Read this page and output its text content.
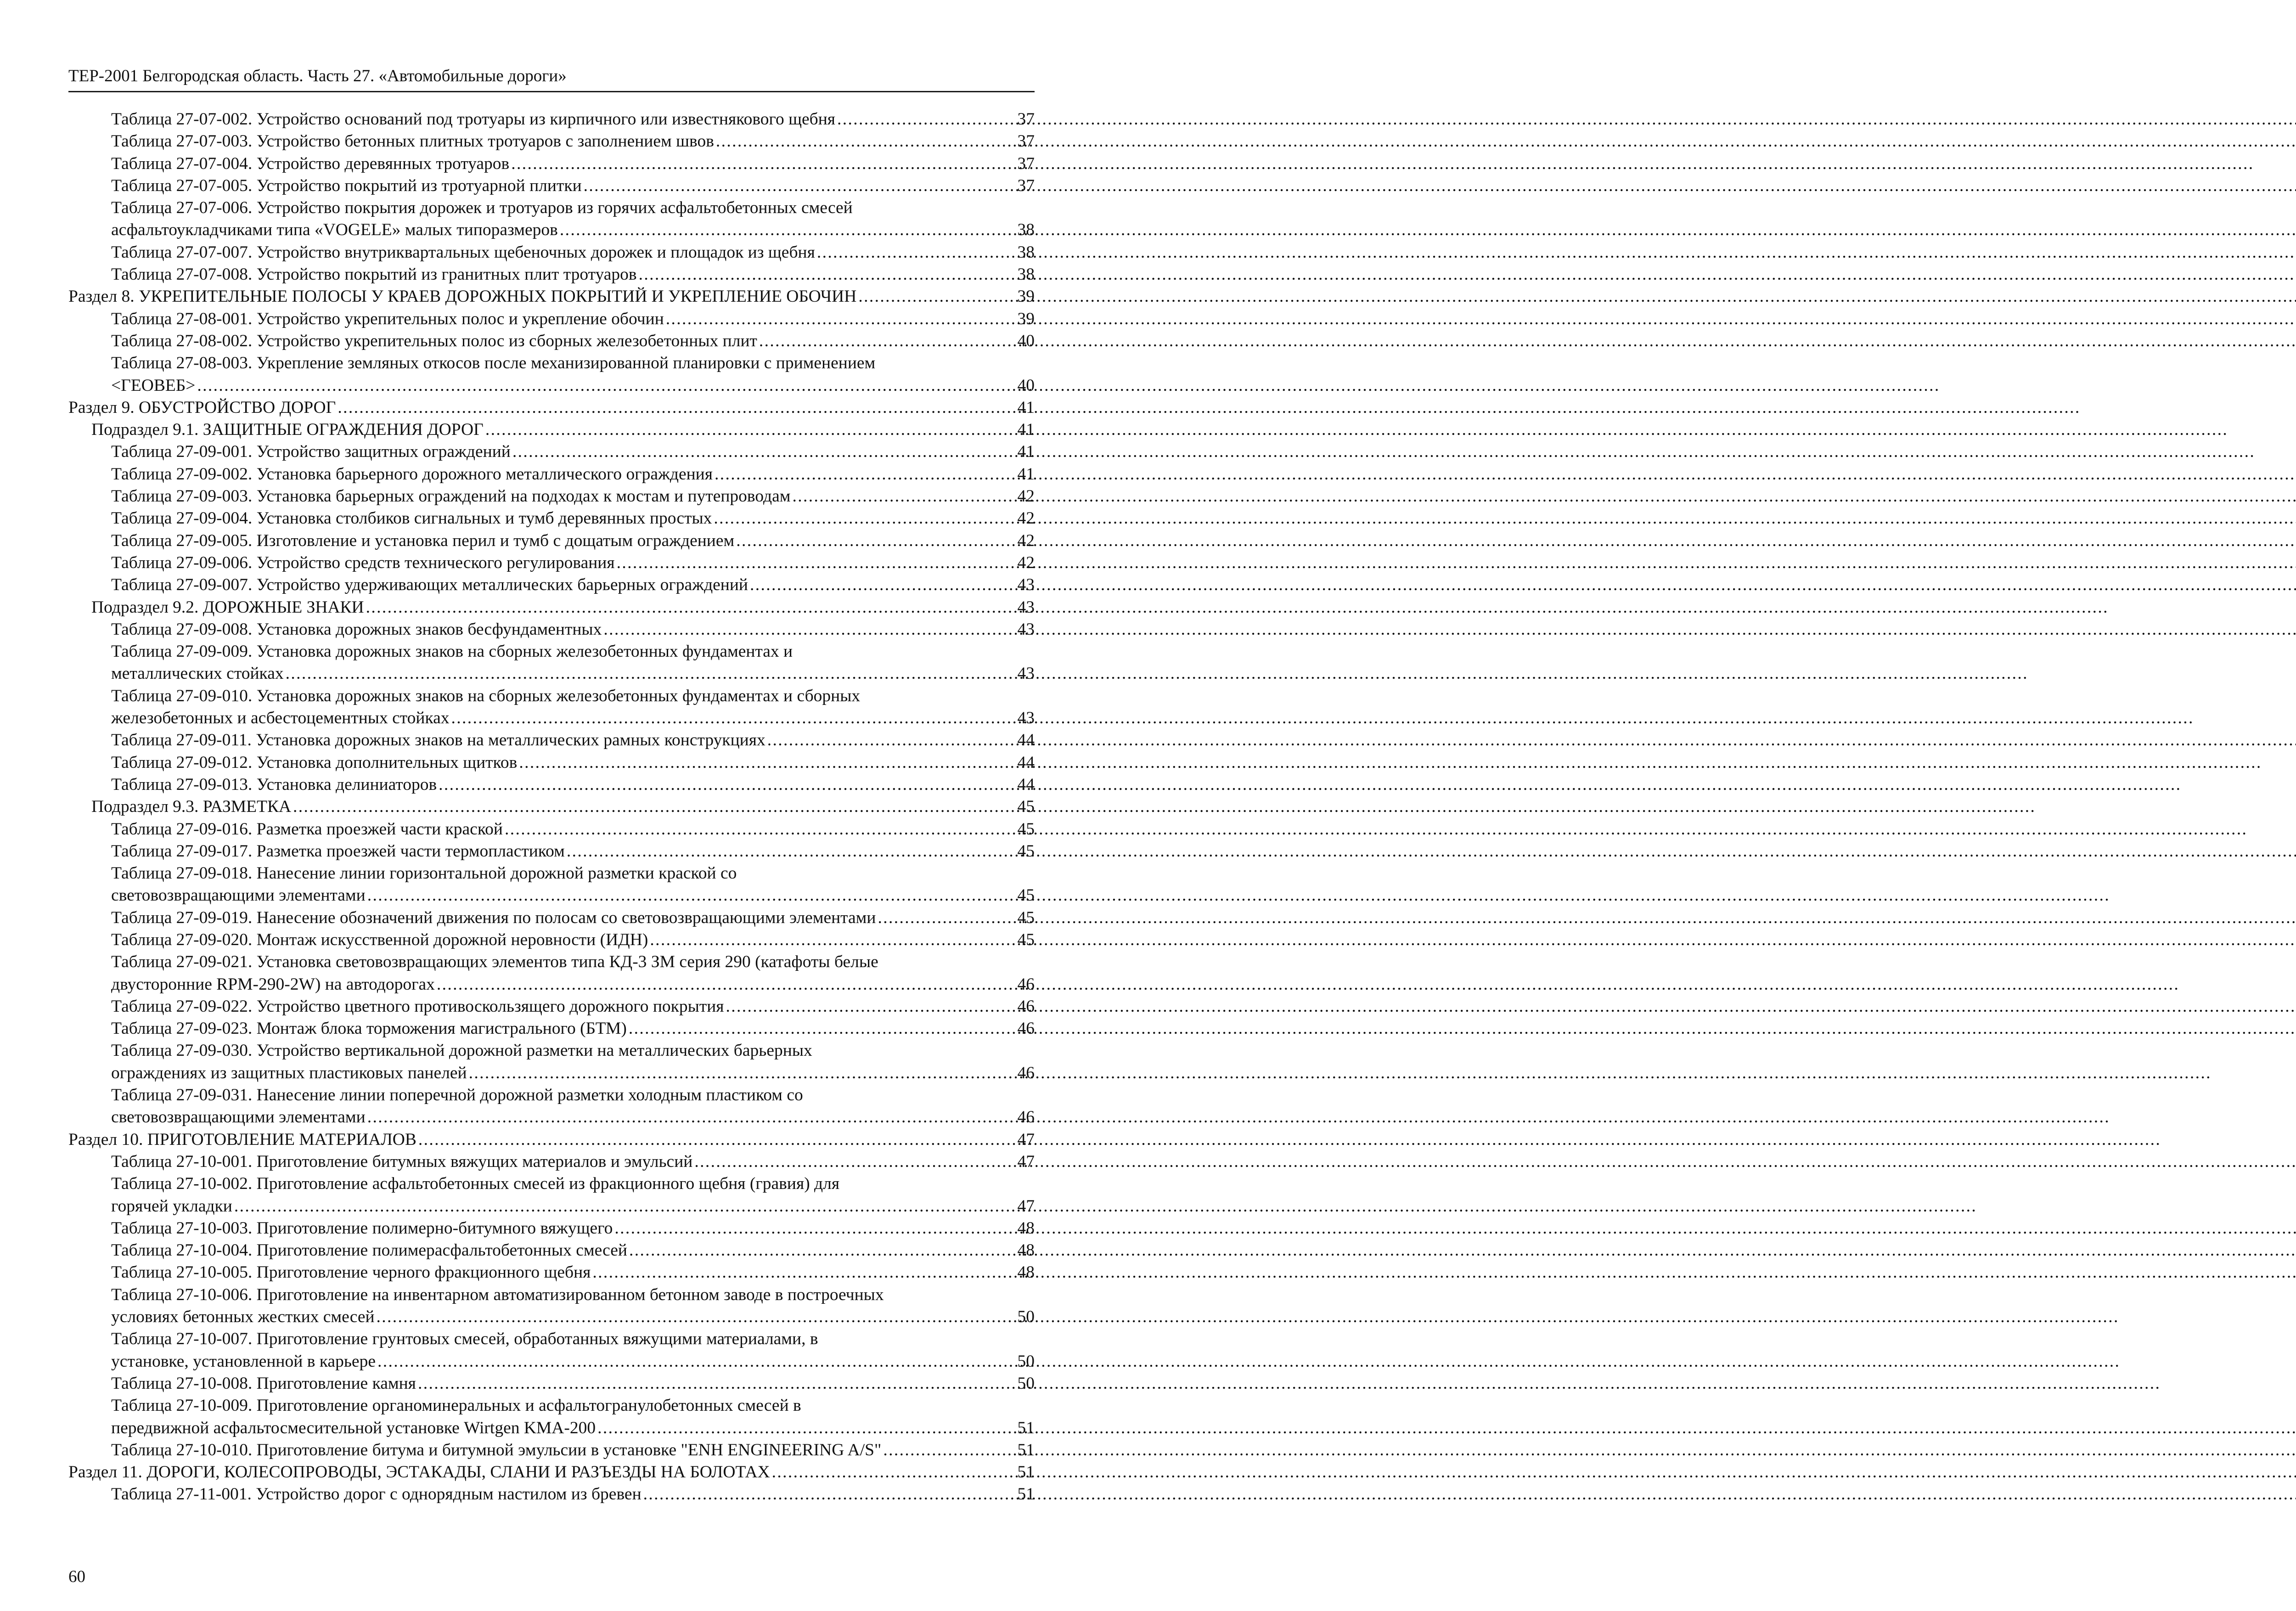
ТЕР-2001 Белгородская область. Часть 27. «Автомобильные дороги»
Таблица 27-07-002. Устройство оснований под тротуары из кирпичного или известнякового щебня . . .	37
Таблица 27-07-003. Устройство бетонных плитных тротуаров с заполнением швов . . .	37
Таблица 27-07-004. Устройство деревянных тротуаров . . .	37
Таблица 27-07-005. Устройство покрытий из тротуарной плитки . . .	37
Таблица 27-07-006. Устройство покрытия дорожек и тротуаров из горячих асфальтобетонных смесей
асфальтоукладчиками типа «VOGELE» малых типоразмеров . . .	38
Таблица 27-07-007. Устройство внутриквартальных щебеночных дорожек и площадок из щебня . . .	38
Таблица 27-07-008. Устройство покрытий из гранитных плит тротуаров . . .	38
Раздел 8. УКРЕПИТЕЛЬНЫЕ ПОЛОСЫ У КРАЕВ ДОРОЖНЫХ ПОКРЫТИЙ И УКРЕПЛЕНИЕ ОБОЧИН . . .	39
Таблица 27-08-001. Устройство укрепительных полос и укрепление обочин . . .	39
Таблица 27-08-002. Устройство укрепительных полос из сборных железобетонных плит . . .	40
Таблица 27-08-003. Укрепление земляных откосов после механизированной планировки с применением
<ГЕОВЕБ> . . .	40
Раздел 9. ОБУСТРОЙСТВО ДОРОГ . . .	41
Подраздел 9.1. ЗАЩИТНЫЕ ОГРАЖДЕНИЯ ДОРОГ . . .	41
Таблица 27-09-001. Устройство защитных ограждений . . .	41
Таблица 27-09-002. Установка барьерного дорожного металлического ограждения . . .	41
Таблица 27-09-003. Установка барьерных ограждений на подходах к мостам и путепроводам . . .	42
Таблица 27-09-004. Установка столбиков сигнальных и тумб деревянных простых . . .	42
Таблица 27-09-005. Изготовление и установка перил и тумб с дощатым ограждением . . .	42
Таблица 27-09-006. Устройство средств технического регулирования . . .	42
Таблица 27-09-007. Устройство удерживающих металлических барьерных ограждений . . .	43
Подраздел 9.2. ДОРОЖНЫЕ ЗНАКИ . . .	43
Таблица 27-09-008. Установка дорожных знаков бесфундаментных . . .	43
Таблица 27-09-009. Установка дорожных знаков на сборных железобетонных фундаментах и
металлических стойках . . .	43
Таблица 27-09-010. Установка дорожных знаков на сборных железобетонных фундаментах и сборных
железобетонных и асбестоцементных стойках . . .	43
Таблица 27-09-011. Установка дорожных знаков на металлических рамных конструкциях . . .	44
Таблица 27-09-012. Установка дополнительных щитков . . .	44
Таблица 27-09-013. Установка делиниаторов . . .	44
Подраздел 9.3. РАЗМЕТКА . . .	45
Таблица 27-09-016. Разметка проезжей части краской . . .	45
Таблица 27-09-017. Разметка проезжей части термопластиком . . .	45
Таблица 27-09-018. Нанесение линии горизонтальной дорожной разметки краской со
световозвращающими элементами . . .	45
Таблица 27-09-019. Нанесение обозначений движения по полосам со световозвращающими элементами . . .	45
Таблица 27-09-020. Монтаж искусственной дорожной неровности (ИДН) . . .	45
Таблица 27-09-021. Установка световозвращающих элементов типа КД-3 ЗМ серия 290 (катафоты белые
двусторонние RPM-290-2W) на автодорогах . . .	46
Таблица 27-09-022. Устройство цветного противоскользящего дорожного покрытия . . .	46
Таблица 27-09-023. Монтаж блока торможения магистрального (БТМ) . . .	46
Таблица 27-09-030. Устройство вертикальной дорожной разметки на металлических барьерных
ограждениях из защитных пластиковых панелей . . .	46
Таблица 27-09-031. Нанесение линии поперечной дорожной разметки холодным пластиком со
световозвращающими элементами . . .	46
Раздел 10. ПРИГОТОВЛЕНИЕ МАТЕРИАЛОВ . . .	47
Таблица 27-10-001. Приготовление битумных вяжущих материалов и эмульсий . . .	47
Таблица 27-10-002. Приготовление асфальтобетонных смесей из фракционного щебня (гравия) для
горячей укладки . . .	47
Таблица 27-10-003. Приготовление полимерно-битумного вяжущего . . .	48
Таблица 27-10-004. Приготовление полимерасфальтобетонных смесей . . .	48
Таблица 27-10-005. Приготовление черного фракционного щебня . . .	48
Таблица 27-10-006. Приготовление на инвентарном автоматизированном бетонном заводе в построечных
условиях бетонных жестких смесей . . .	50
Таблица 27-10-007. Приготовление грунтовых смесей, обработанных вяжущими материалами, в
установке, установленной в карьере . . .	50
Таблица 27-10-008. Приготовление камня . . .	50
Таблица 27-10-009. Приготовление органоминеральных и асфальтогранулобетонных смесей в
передвижной асфальтосмесительной установке Wirtgen KMA-200 . . .	51
Таблица 27-10-010. Приготовление битума и битумной эмульсии в установке "ENH ENGINEERING A/S" . . .	51
Раздел 11. ДОРОГИ, КОЛЕСОПРОВОДЫ, ЭСТАКАДЫ, СЛАНИ И РАЗЪЕЗДЫ НА БОЛОТАХ . . .	51
Таблица 27-11-001. Устройство дорог с однорядным настилом из бревен . . .	51
60
